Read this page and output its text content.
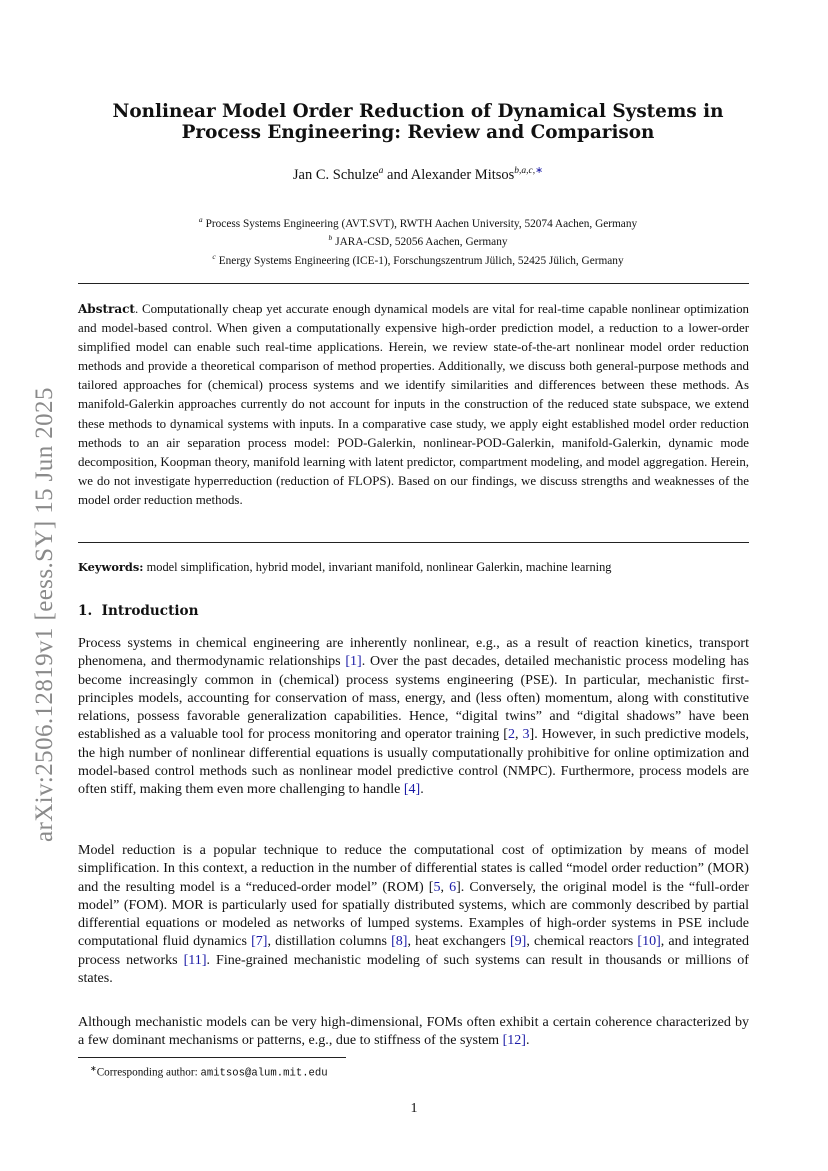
arXiv:2506.12819v1 [eess.SY] 15 Jun 2025
Nonlinear Model Order Reduction of Dynamical Systems in
Process Engineering: Review and Comparison
Jan C. Schulze$^a$ and Alexander Mitsos$^{b,a,c,∗}$
$^a$ Process Systems Engineering (AVT.SVT), RWTH Aachen University, 52074 Aachen, Germany
$^b$ JARA-CSD, 52056 Aachen, Germany
$^c$ Energy Systems Engineering (ICE-1), Forschungszentrum Jülich, 52425 Jülich, Germany
Abstract. Computationally cheap yet accurate enough dynamical models are vital for real-time capable nonlinear optimization and model-based control. When given a computationally expensive high-order prediction model, a reduction to a lower-order simplified model can enable such real-time applications. Herein, we review state-of-the-art nonlinear model order reduction methods and provide a theoretical comparison of method properties. Additionally, we discuss both general-purpose methods and tailored approaches for (chemical) process systems and we identify similarities and differences between these methods. As manifold-Galerkin approaches currently do not account for inputs in the construction of the reduced state subspace, we extend these methods to dynamical systems with inputs. In a comparative case study, we apply eight established model order reduction methods to an air separation process model: POD-Galerkin, nonlinear-POD-Galerkin, manifold-Galerkin, dynamic mode decomposition, Koopman theory, manifold learning with latent predictor, compartment modeling, and model aggregation. Herein, we do not investigate hyperreduction (reduction of FLOPS). Based on our findings, we discuss strengths and weaknesses of the model order reduction methods.
Keywords: model simplification, hybrid model, invariant manifold, nonlinear Galerkin, machine learning
1. Introduction
Process systems in chemical engineering are inherently nonlinear, e.g., as a result of reaction kinetics, transport phenomena, and thermodynamic relationships [1]. Over the past decades, detailed mechanistic process modeling has become increasingly common in (chemical) process systems engineering (PSE). In particular, mechanistic first-principles models, accounting for conservation of mass, energy, and (less often) momentum, along with constitutive relations, possess favorable generalization capabilities. Hence, “digital twins” and “digital shadows” have been established as a valuable tool for process monitoring and operator training [2, 3]. However, in such predictive models, the high number of nonlinear differential equations is usually computationally prohibitive for online optimization and model-based control methods such as nonlinear model predictive control (NMPC). Furthermore, process models are often stiff, making them even more challenging to handle [4].
Model reduction is a popular technique to reduce the computational cost of optimization by means of model simplification. In this context, a reduction in the number of differential states is called “model order reduction” (MOR) and the resulting model is a “reduced-order model” (ROM) [5, 6]. Conversely, the original model is the “full-order model” (FOM). MOR is particularly used for spatially distributed systems, which are commonly described by partial differential equations or modeled as networks of lumped systems. Examples of high-order systems in PSE include computational fluid dynamics [7], distillation columns [8], heat exchangers [9], chemical reactors [10], and integrated process networks [11]. Fine-grained mechanistic modeling of such systems can result in thousands or millions of states.
Although mechanistic models can be very high-dimensional, FOMs often exhibit a certain coherence characterized by a few dominant mechanisms or patterns, e.g., due to stiffness of the system [12].
∗Corresponding author: amitsos@alum.mit.edu
1
